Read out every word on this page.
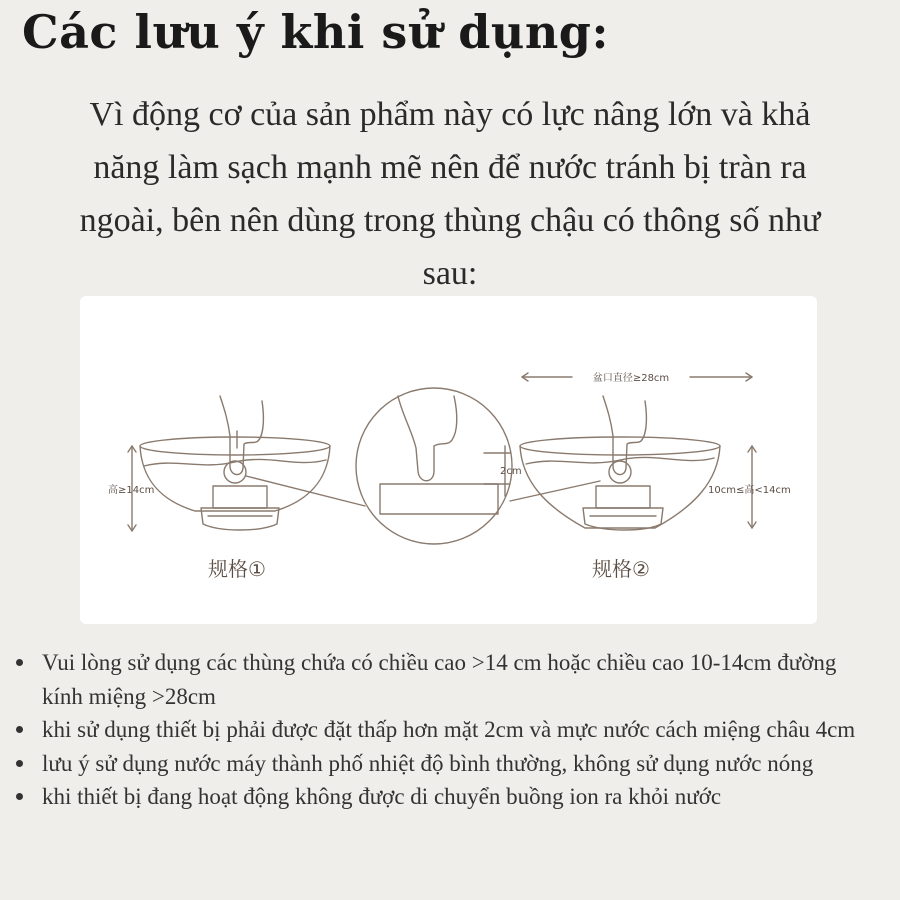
Các lưu ý khi sử dụng:
Vì động cơ của sản phẩm này có lực nâng lớn và khả
năng làm sạch mạnh mẽ nên để nước tránh bị tràn ra
ngoài, bên nên dùng trong thùng chậu có thông số như
sau:
高≥14cm
盆口直径≥28cm
2cm
10cm≤高<14cm
规格①	规格②
Vui lòng sử dụng các thùng chứa có chiều cao >14 cm hoặc chiều cao 10-14cm đường kính miệng >28cm
khi sử dụng thiết bị phải được đặt thấp hơn mặt 2cm và mực nước cách miệng châu 4cm
lưu ý sử dụng nước máy thành phố nhiệt độ bình thường, không sử dụng nước nóng
khi thiết bị đang hoạt động không được di chuyển buồng ion ra khỏi nước
